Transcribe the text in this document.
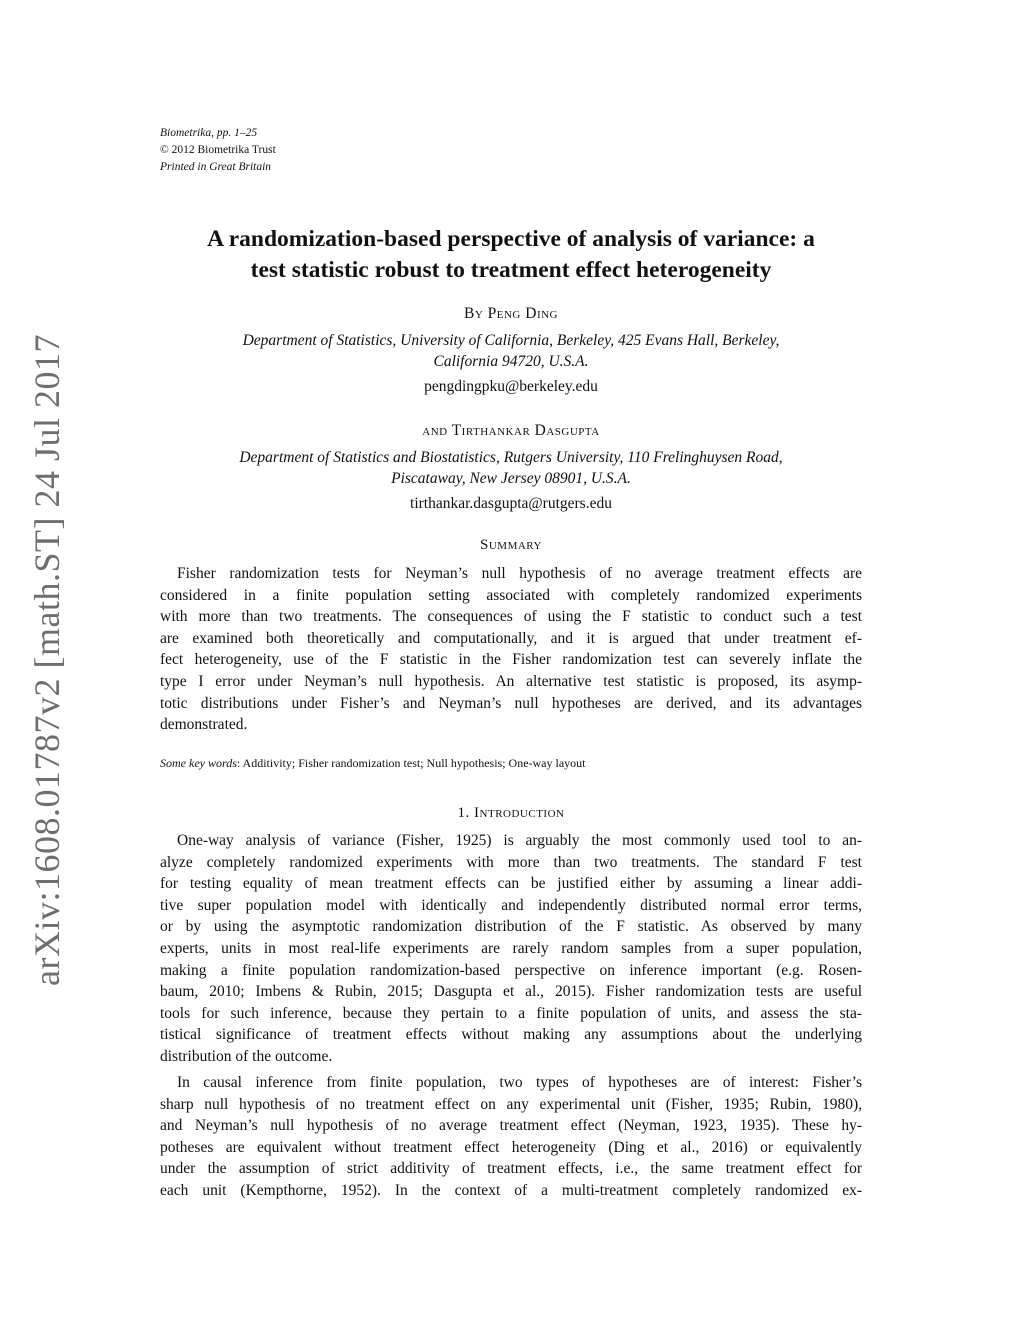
arXiv:1608.01787v2 [math.ST] 24 Jul 2017
Biometrika, pp. 1–25
© 2012 Biometrika Trust
Printed in Great Britain
A randomization-based perspective of analysis of variance: a
test statistic robust to treatment effect heterogeneity
By Peng Ding
Department of Statistics, University of California, Berkeley, 425 Evans Hall, Berkeley,
California 94720, U.S.A.
pengdingpku@berkeley.edu
and Tirthankar Dasgupta
Department of Statistics and Biostatistics, Rutgers University, 110 Frelinghuysen Road,
Piscataway, New Jersey 08901, U.S.A.
tirthankar.dasgupta@rutgers.edu
Summary
Fisher randomization tests for Neyman’s null hypothesis of no average treatment effects are
considered in a finite population setting associated with completely randomized experiments
with more than two treatments. The consequences of using the F statistic to conduct such a test
are examined both theoretically and computationally, and it is argued that under treatment ef-
fect heterogeneity, use of the F statistic in the Fisher randomization test can severely inflate the
type I error under Neyman’s null hypothesis. An alternative test statistic is proposed, its asymp-
totic distributions under Fisher’s and Neyman’s null hypotheses are derived, and its advantages
demonstrated.
Some key words: Additivity; Fisher randomization test; Null hypothesis; One-way layout
1. Introduction
One-way analysis of variance (Fisher, 1925) is arguably the most commonly used tool to an-
alyze completely randomized experiments with more than two treatments. The standard F test
for testing equality of mean treatment effects can be justified either by assuming a linear addi-
tive super population model with identically and independently distributed normal error terms,
or by using the asymptotic randomization distribution of the F statistic. As observed by many
experts, units in most real-life experiments are rarely random samples from a super population,
making a finite population randomization-based perspective on inference important (e.g. Rosen-
baum, 2010; Imbens & Rubin, 2015; Dasgupta et al., 2015). Fisher randomization tests are useful
tools for such inference, because they pertain to a finite population of units, and assess the sta-
tistical significance of treatment effects without making any assumptions about the underlying
distribution of the outcome.
In causal inference from finite population, two types of hypotheses are of interest: Fisher’s
sharp null hypothesis of no treatment effect on any experimental unit (Fisher, 1935; Rubin, 1980),
and Neyman’s null hypothesis of no average treatment effect (Neyman, 1923, 1935). These hy-
potheses are equivalent without treatment effect heterogeneity (Ding et al., 2016) or equivalently
under the assumption of strict additivity of treatment effects, i.e., the same treatment effect for
each unit (Kempthorne, 1952). In the context of a multi-treatment completely randomized ex-
